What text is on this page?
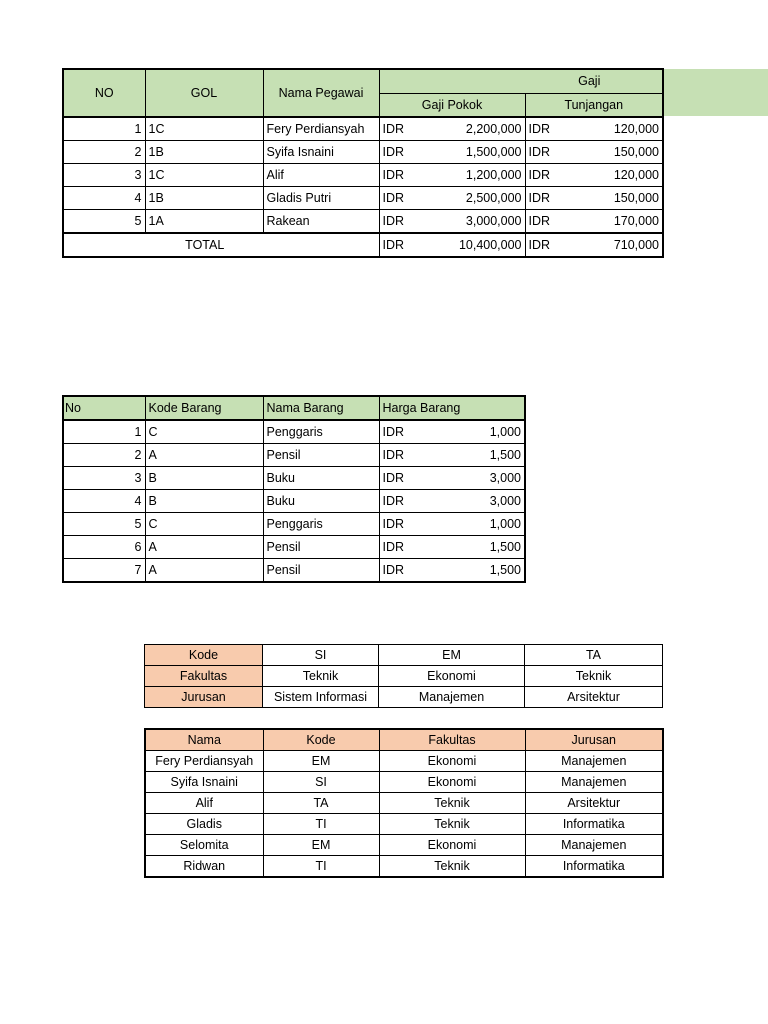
NO	GOL	Nama Pegawai	Gaji	
			Gaji Pokok	Tunjangan
1	1C	Fery Perdiansyah	IDR 2,200,000	IDR 120,000

2	1B	Syifa Isnaini	IDR 1,500,000	IDR 150,000

3	1C	Alif	IDR 1,200,000	IDR 120,000

4	1B	Gladis Putri	IDR 2,500,000	IDR 150,000

5	1A	Rakean	IDR 3,000,000	IDR 170,000

TOTAL			IDR 10,400,000	IDR 710,000
No	Kode Barang	Nama Barang	Harga Barang
1	C	Penggaris	IDR 1,000

2	A	Pensil	IDR 1,500

3	B	Buku	IDR 3,000

4	B	Buku	IDR 3,000

5	C	Penggaris	IDR 1,000

6	A	Pensil	IDR 1,500

7	A	Pensil	IDR 1,500
Kode	SI	EM	TA
Fakultas	Teknik	Ekonomi	Teknik
Jurusan	Sistem Informasi	Manajemen	Arsitektur
Nama	Kode	Fakultas	Jurusan
Fery Perdiansyah	EM	Ekonomi	Manajemen
Syifa Isnaini	SI	Ekonomi	Manajemen
Alif	TA	Teknik	Arsitektur
Gladis	TI	Teknik	Informatika
Selomita	EM	Ekonomi	Manajemen
Ridwan	TI	Teknik	Informatika
